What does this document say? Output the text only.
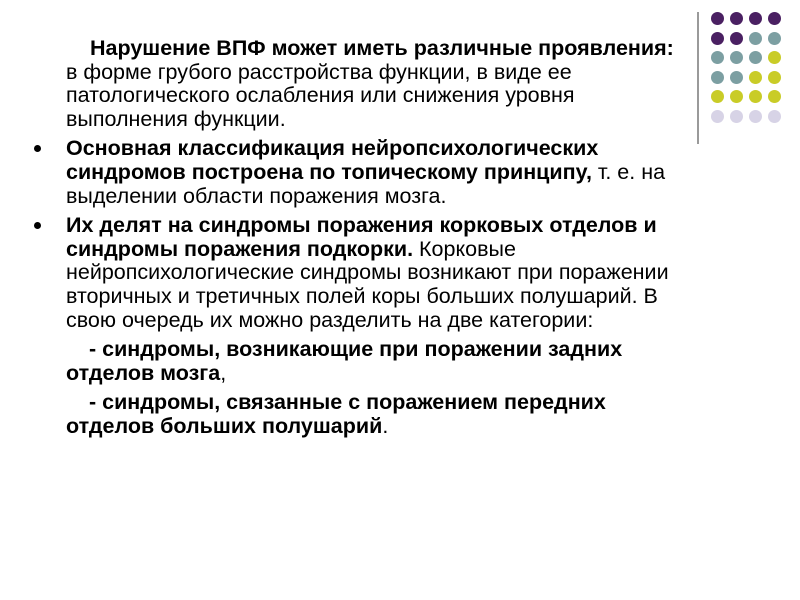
Нарушение ВПФ может иметь различные проявления: в форме грубого расстройства функции, в виде ее патологического ослабления или снижения уровня выполнения функции.
Основная классификация нейропсихологических синдромов построена по топическому принципу, т. е. на выделении области поражения мозга.
Их делят на синдромы поражения корковых отделов и синдромы поражения подкорки. Корковые нейропсихологические синдромы возникают при поражении вторичных и третичных полей коры больших полушарий. В свою очередь их можно разделить на две категории:
- синдромы, возникающие при поражении задних отделов мозга,
- синдромы, связанные с поражением передних отделов больших полушарий.
